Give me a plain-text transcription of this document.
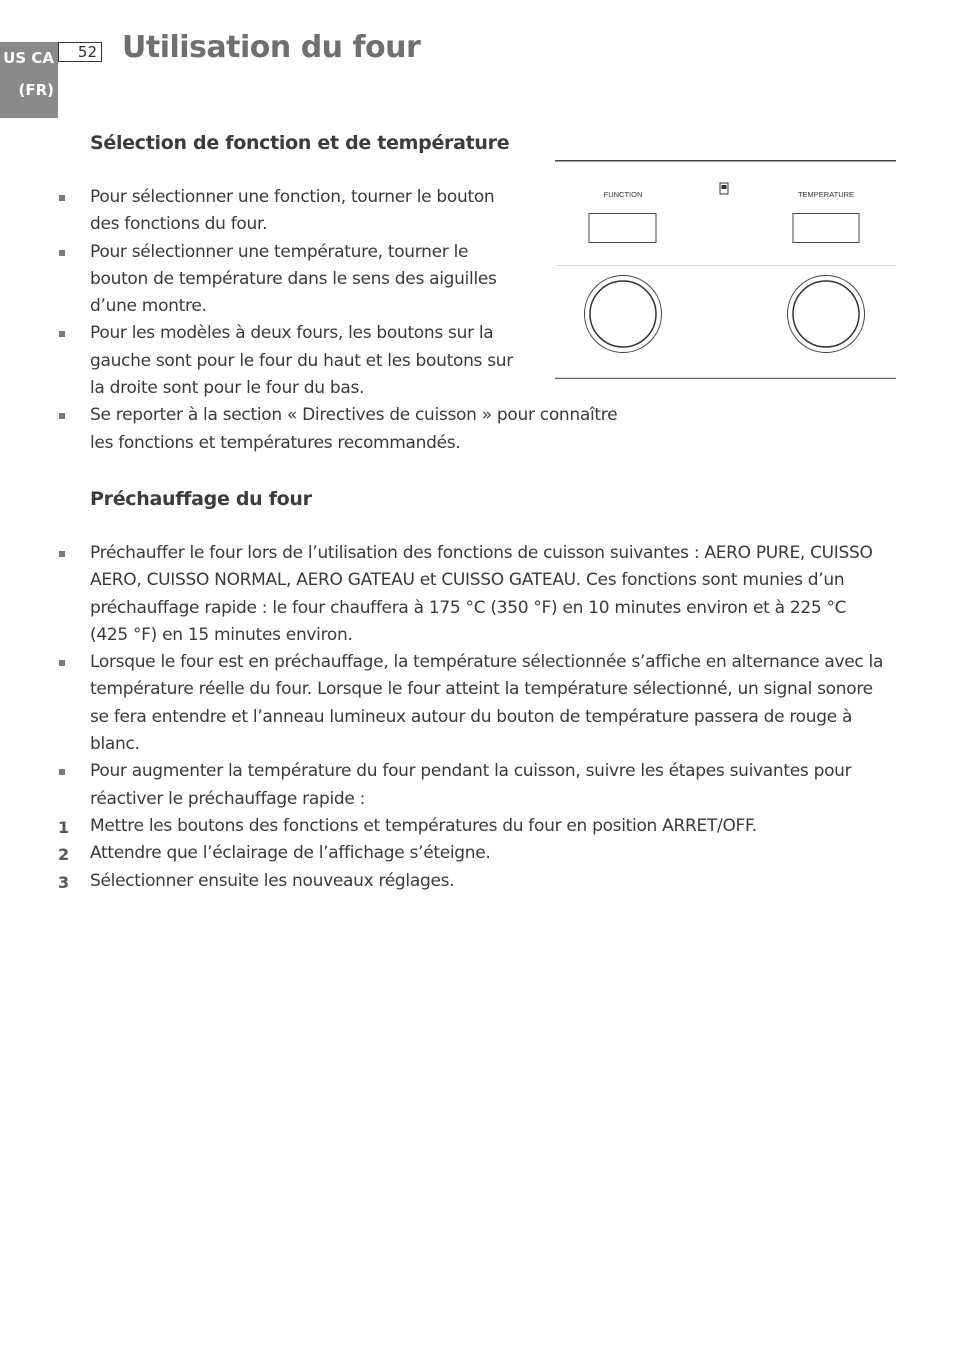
US CA
(FR)
52 Utilisation du four
Sélection de fonction et de température
Pour sélectionner une fonction, tourner le bouton des fonctions du four.
Pour sélectionner une température, tourner le bouton de température dans le sens des aiguilles d’une montre.
Pour les modèles à deux fours, les boutons sur la gauche sont pour le four du haut et les boutons sur la droite sont pour le four du bas.
Se reporter à la section « Directives de cuisson » pour connaître les fonctions et températures recommandés.
FUNCTION	TEMPERATURE
Préchauffage du four
Préchauffer le four lors de l’utilisation des fonctions de cuisson suivantes : AERO PURE, CUISSO AERO, CUISSO NORMAL, AERO GATEAU et CUISSO GATEAU. Ces fonctions sont munies d’un préchauffage rapide : le four chauffera à 175 °C (350 °F) en 10 minutes environ et à 225 °C (425 °F) en 15 minutes environ.
Lorsque le four est en préchauffage, la température sélectionnée s’affiche en alternance avec la température réelle du four. Lorsque le four atteint la température sélectionné, un signal sonore se fera entendre et l’anneau lumineux autour du bouton de température passera de rouge à blanc.
Pour augmenter la température du four pendant la cuisson, suivre les étapes suivantes pour réactiver le préchauffage rapide :
1 Mettre les boutons des fonctions et températures du four en position ARRET/OFF.
2 Attendre que l’éclairage de l’affichage s’éteigne.
3 Sélectionner ensuite les nouveaux réglages.
